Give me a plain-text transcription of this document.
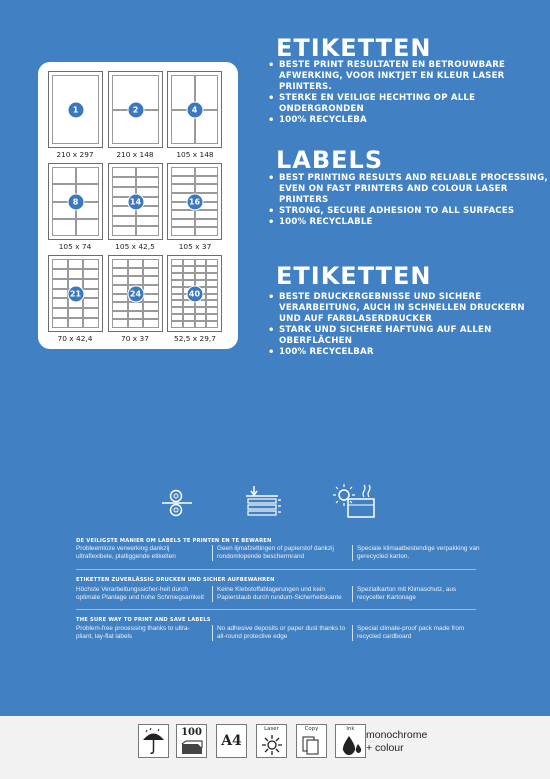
1
210 x 297
2
210 x 148
4
105 x 148
8
105 x 74
14
105 x 42,5
16
105 x 37
21
70 x 42,4
24
70 x 37
40
52,5 x 29,7
ETIKETTEN
• BESTE PRINT RESULTATEN EN BETROUWBARE AFWERKING, VOOR INKTJET EN KLEUR LASER PRINTERS.
• STERKE EN VEILIGE HECHTING OP ALLE ONDERGRONDEN
• 100% RECYCLEBA
LABELS
• BEST PRINTING RESULTS AND RELIABLE PROCESSING, EVEN ON FAST PRINTERS AND COLOUR LASER PRINTERS
• STRONG, SECURE ADHESION TO ALL SURFACES
• 100% RECYCLABLE
ETIKETTEN
• BESTE DRUCKERGEBNISSE UND SICHERE VERARBEITUNG, AUCH IN SCHNELLEN DRUCKERN UND AUF FARBLASERDRUCKER
• STARK UND SICHERE HAFTUNG AUF ALLEN OBERFLÄCHEN
• 100% RECYCELBAR
DE VEILIGSTE MANIER OM LABELS TE PRINTEN EN TE BEWAREN
Probleemloze verwerking dankzij ultraflexibele, platliggende etiketten
Geen lijmafzettingen of papierstof dankzij rondomlopende beschermrand
Speciale klimaatbestendige verpakking van gerecycled karton.
ETIKETTEN ZUVERLÄSSIG DRUCKEN UND SICHER AUFBEWAHREN
Höchste Verarbeitungssicher-heit durch optimale Planlage und hohe Schmiegsamkeit
Keine Klebstoffablagerungen und kein Papierstaub durch rundum-Sicherheitskante
Spezialkarton mit Klimaschutz, aus recycelter Kartonage
THE SURE WAY TO PRINT AND SAVE LABELS
Problem-free processing thanks to ultra-pliant, lay-flat labels
No adhesive deposits or paper dust thanks to all-round protective edge
Special climate-proof pack made from recycled cardboard
100
A4
Laser	Copy	Ink	monochrome
+ colour
